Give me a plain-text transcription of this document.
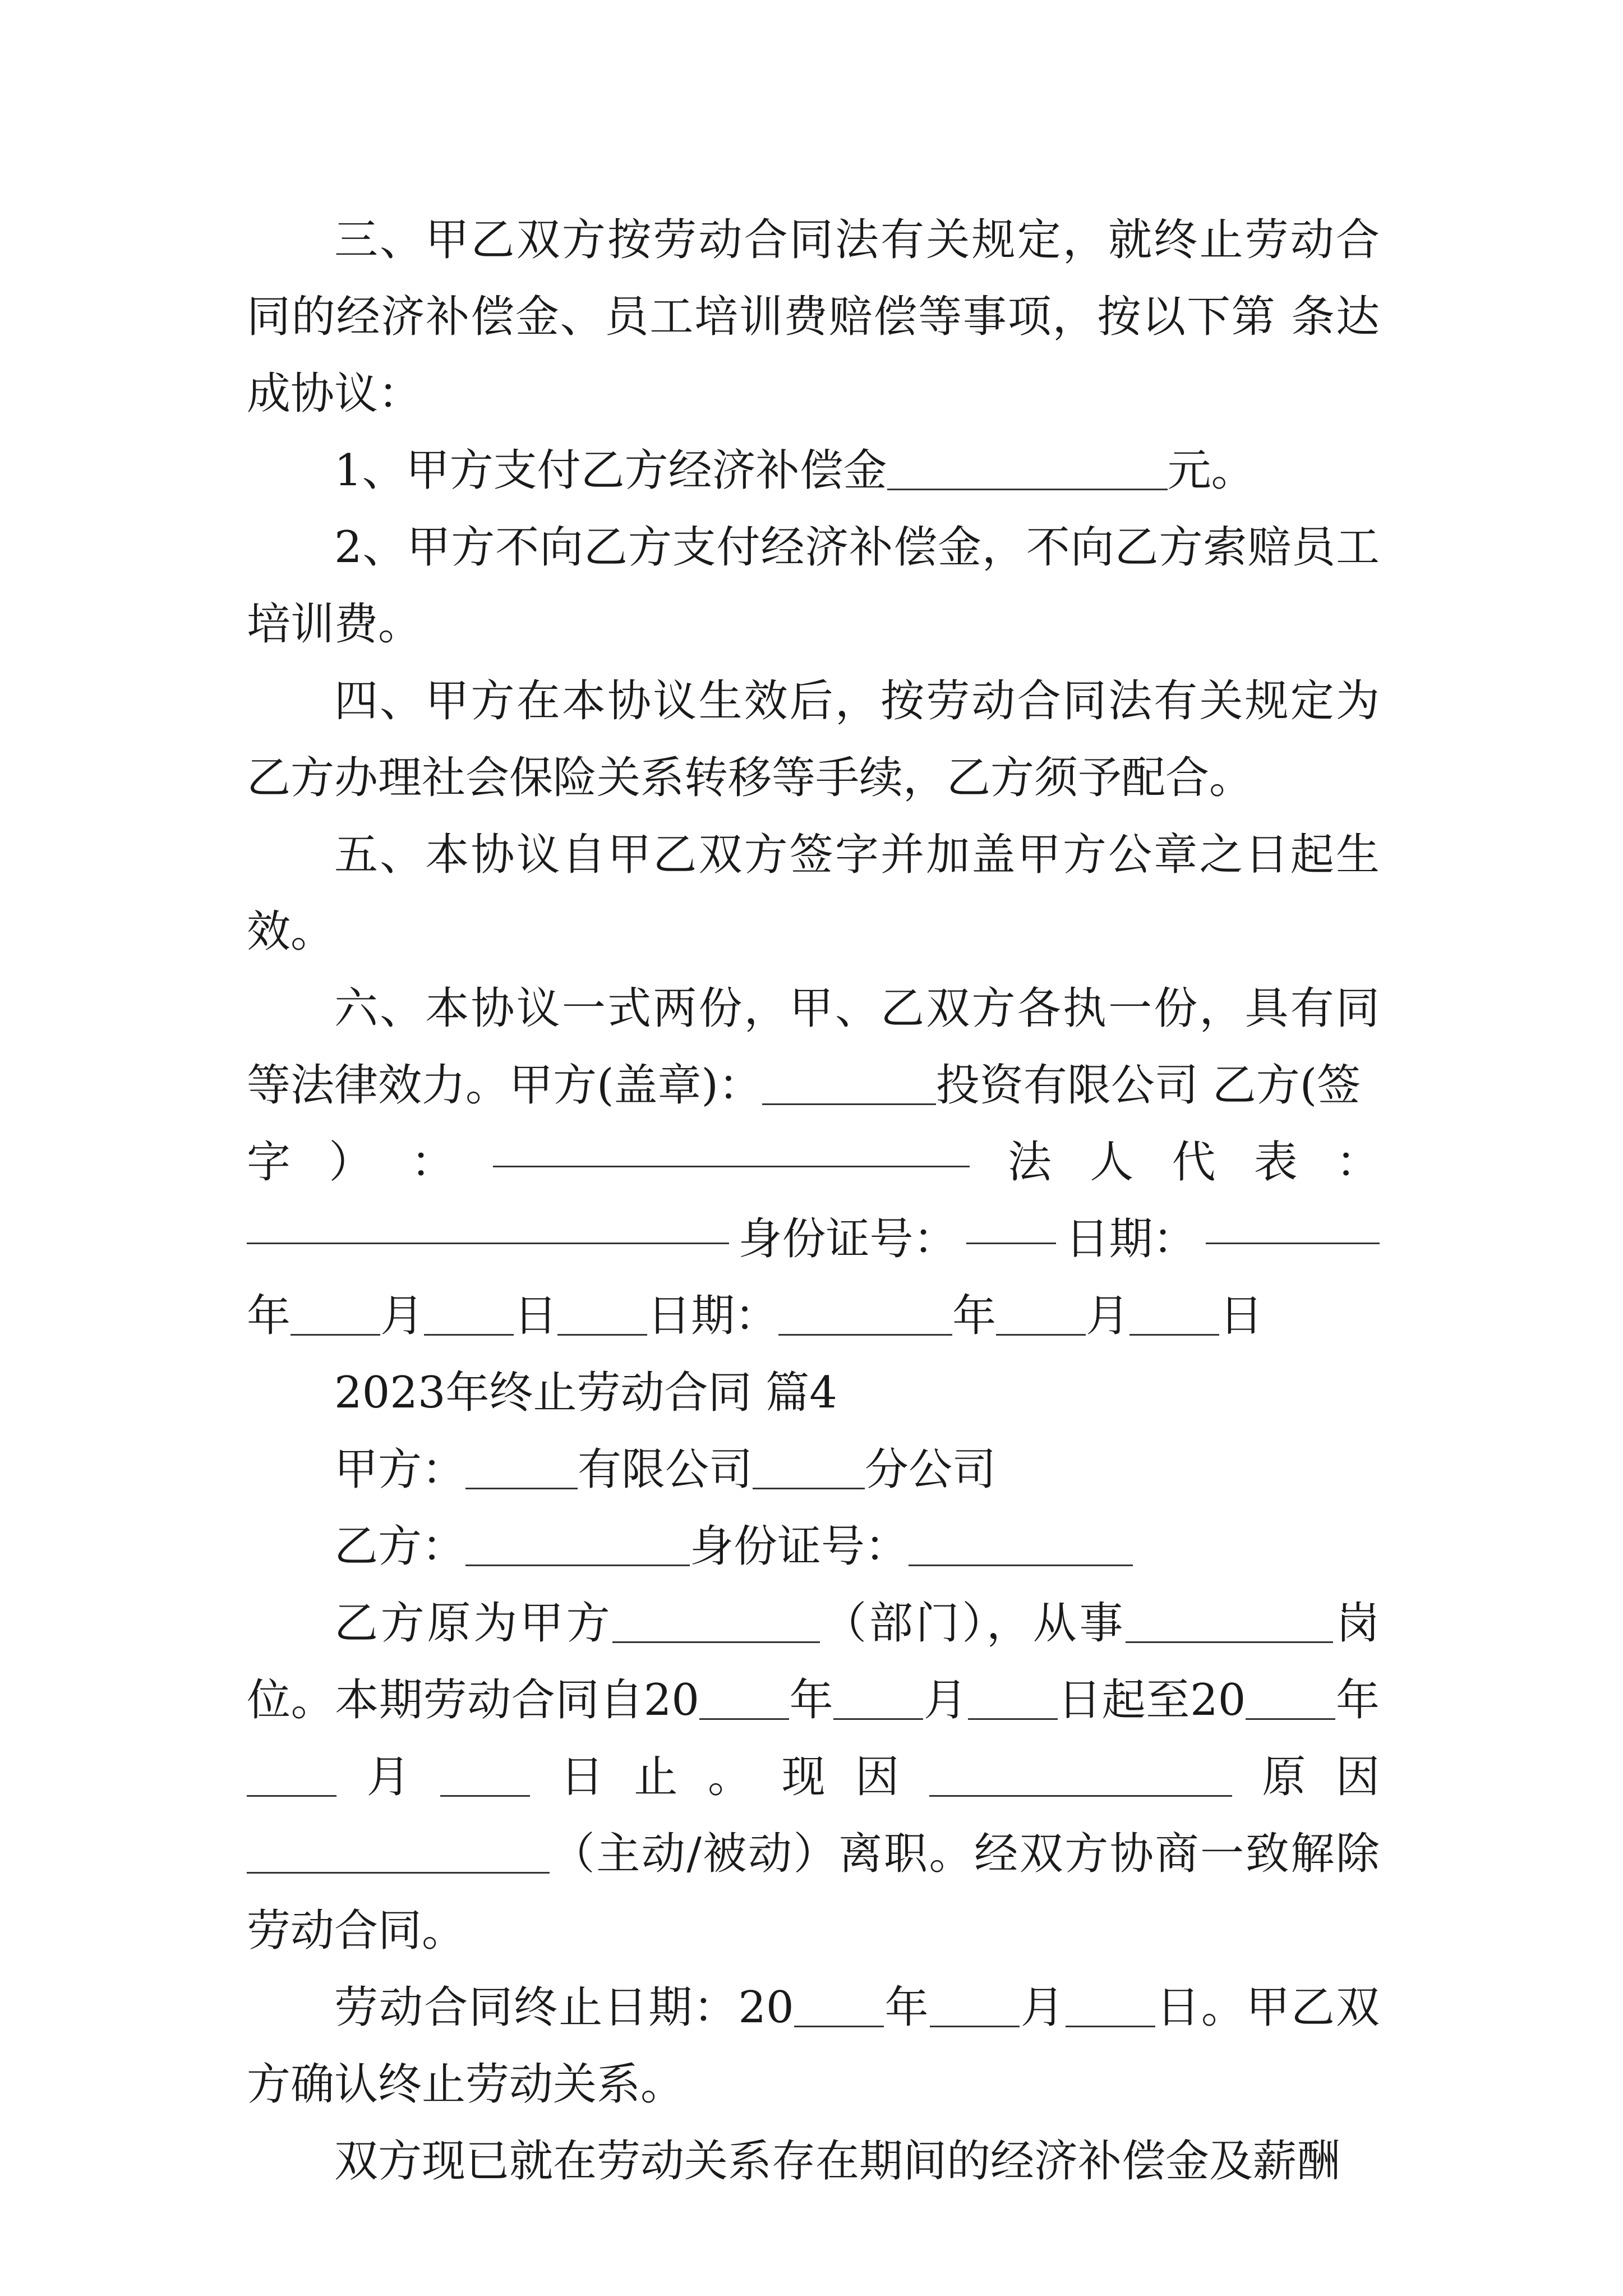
三、甲乙双方按劳动合同法有关规定，就终止劳动合同的经济补偿金、员工培训费赔偿等事项，按以下第 条达成协议：

1、甲方支付乙方经济补偿金	元。

2、甲方不向乙方支付经济补偿金，不向乙方索赔员工培训费。

四、甲方在本协议生效后，按劳动合同法有关规定为乙方办理社会保险关系转移等手续，乙方须予配合。

五、本协议自甲乙双方签字并加盖甲方公章之日起生效。

六、本协议一式两份，甲、乙双方各执一份，具有同等法律效力。甲方(盖章)：	投资有限公司 乙方(签

字 ） ：	法 人 代 表 ：
身份证号： 日期：

年 月 日 日期：	年 月 日

2023年终止劳动合同 篇4

甲方：	有限公司	分公司

乙方：	身份证号：

乙方原为甲方	（部门），从事	岗位。本期劳动合同自20 年 月 日起至20 年月 日止。现因	原因（主动/被动）离职。经双方协商一致解除劳动合同。

劳动合同终止日期：20 年 月 日。甲乙双方确认终止劳动关系。

双方现已就在劳动关系存在期间的经济补偿金及薪酬
